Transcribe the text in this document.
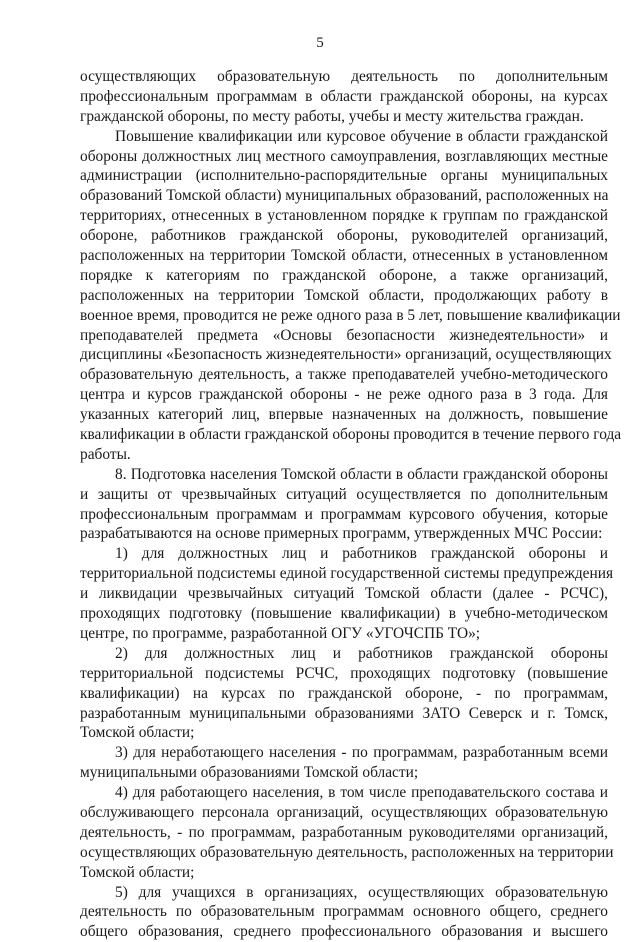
5
осуществляющих образовательную деятельность по дополнительным
профессиональным программам в области гражданской обороны, на курсах
гражданской обороны, по месту работы, учебы и месту жительства граждан.
Повышение квалификации или курсовое обучение в области гражданской
обороны должностных лиц местного самоуправления, возглавляющих местные
администрации (исполнительно-распорядительные органы муниципальных
образований Томской области) муниципальных образований, расположенных на
территориях, отнесенных в установленном порядке к группам по гражданской
обороне, работников гражданской обороны, руководителей организаций,
расположенных на территории Томской области, отнесенных в установленном
порядке к категориям по гражданской обороне, а также организаций,
расположенных на территории Томской области, продолжающих работу в
военное время, проводится не реже одного раза в 5 лет, повышение квалификации
преподавателей предмета «Основы безопасности жизнедеятельности» и
дисциплины «Безопасность жизнедеятельности» организаций, осуществляющих
образовательную деятельность, а также преподавателей учебно-методического
центра и курсов гражданской обороны - не реже одного раза в 3 года. Для
указанных категорий лиц, впервые назначенных на должность, повышение
квалификации в области гражданской обороны проводится в течение первого года
работы.
8. Подготовка населения Томской области в области гражданской обороны
и защиты от чрезвычайных ситуаций осуществляется по дополнительным
профессиональным программам и программам курсового обучения, которые
разрабатываются на основе примерных программ, утвержденных МЧС России:
1) для должностных лиц и работников гражданской обороны и
территориальной подсистемы единой государственной системы предупреждения
и ликвидации чрезвычайных ситуаций Томской области (далее - РСЧС),
проходящих подготовку (повышение квалификации) в учебно-методическом
центре, по программе, разработанной ОГУ «УГОЧСПБ ТО»;
2) для должностных лиц и работников гражданской обороны
территориальной подсистемы РСЧС, проходящих подготовку (повышение
квалификации) на курсах по гражданской обороне, - по программам,
разработанным муниципальными образованиями ЗАТО Северск и г. Томск,
Томской области;
3) для неработающего населения - по программам, разработанным всеми
муниципальными образованиями Томской области;
4) для работающего населения, в том числе преподавательского состава и
обслуживающего персонала организаций, осуществляющих образовательную
деятельность, - по программам, разработанным руководителями организаций,
осуществляющих образовательную деятельность, расположенных на территории
Томской области;
5) для учащихся в организациях, осуществляющих образовательную
деятельность по образовательным программам основного общего, среднего
общего образования, среднего профессионального образования и высшего
